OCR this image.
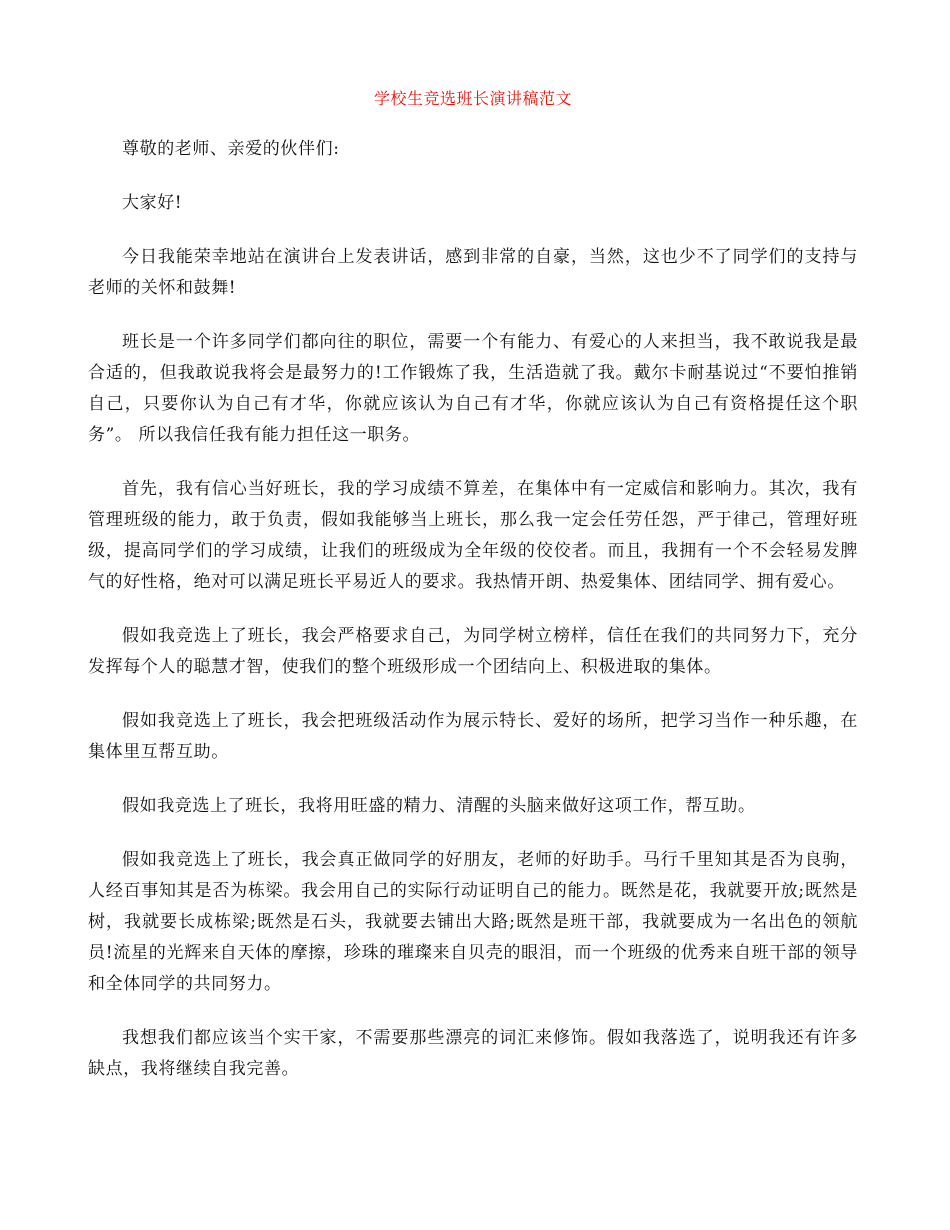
学校生竞选班长演讲稿范文

尊敬的老师、亲爱的伙伴们:

大家好!

今日我能荣幸地站在演讲台上发表讲话，感到非常的自豪，当然，这也少不了同学们的支持与老师的关怀和鼓舞!

班长是一个许多同学们都向往的职位，需要一个有能力、有爱心的人来担当，我不敢说我是最合适的，但我敢说我将会是最努力的!工作锻炼了我，生活造就了我。戴尔卡耐基说过“不要怕推销自己，只要你认为自己有才华，你就应该认为自己有才华，你就应该认为自己有资格提任这个职务”。 所以我信任我有能力担任这一职务。

首先，我有信心当好班长，我的学习成绩不算差，在集体中有一定威信和影响力。其次，我有管理班级的能力，敢于负责，假如我能够当上班长，那么我一定会任劳任怨，严于律己，管理好班级，提高同学们的学习成绩，让我们的班级成为全年级的佼佼者。而且，我拥有一个不会轻易发脾气的好性格，绝对可以满足班长平易近人的要求。我热情开朗、热爱集体、团结同学、拥有爱心。

假如我竞选上了班长，我会严格要求自己，为同学树立榜样，信任在我们的共同努力下，充分发挥每个人的聪慧才智，使我们的整个班级形成一个团结向上、积极进取的集体。

假如我竞选上了班长，我会把班级活动作为展示特长、爱好的场所，把学习当作一种乐趣，在集体里互帮互助。

假如我竞选上了班长，我将用旺盛的精力、清醒的头脑来做好这项工作，帮互助。

假如我竞选上了班长，我会真正做同学的好朋友，老师的好助手。马行千里知其是否为良驹，人经百事知其是否为栋梁。我会用自己的实际行动证明自己的能力。既然是花，我就要开放;既然是树，我就要长成栋梁;既然是石头，我就要去铺出大路;既然是班干部，我就要成为一名出色的领航员!流星的光辉来自天体的摩擦，珍珠的璀璨来自贝壳的眼泪，而一个班级的优秀来自班干部的领导和全体同学的共同努力。

我想我们都应该当个实干家，不需要那些漂亮的词汇来修饰。假如我落选了，说明我还有许多缺点，我将继续自我完善。
